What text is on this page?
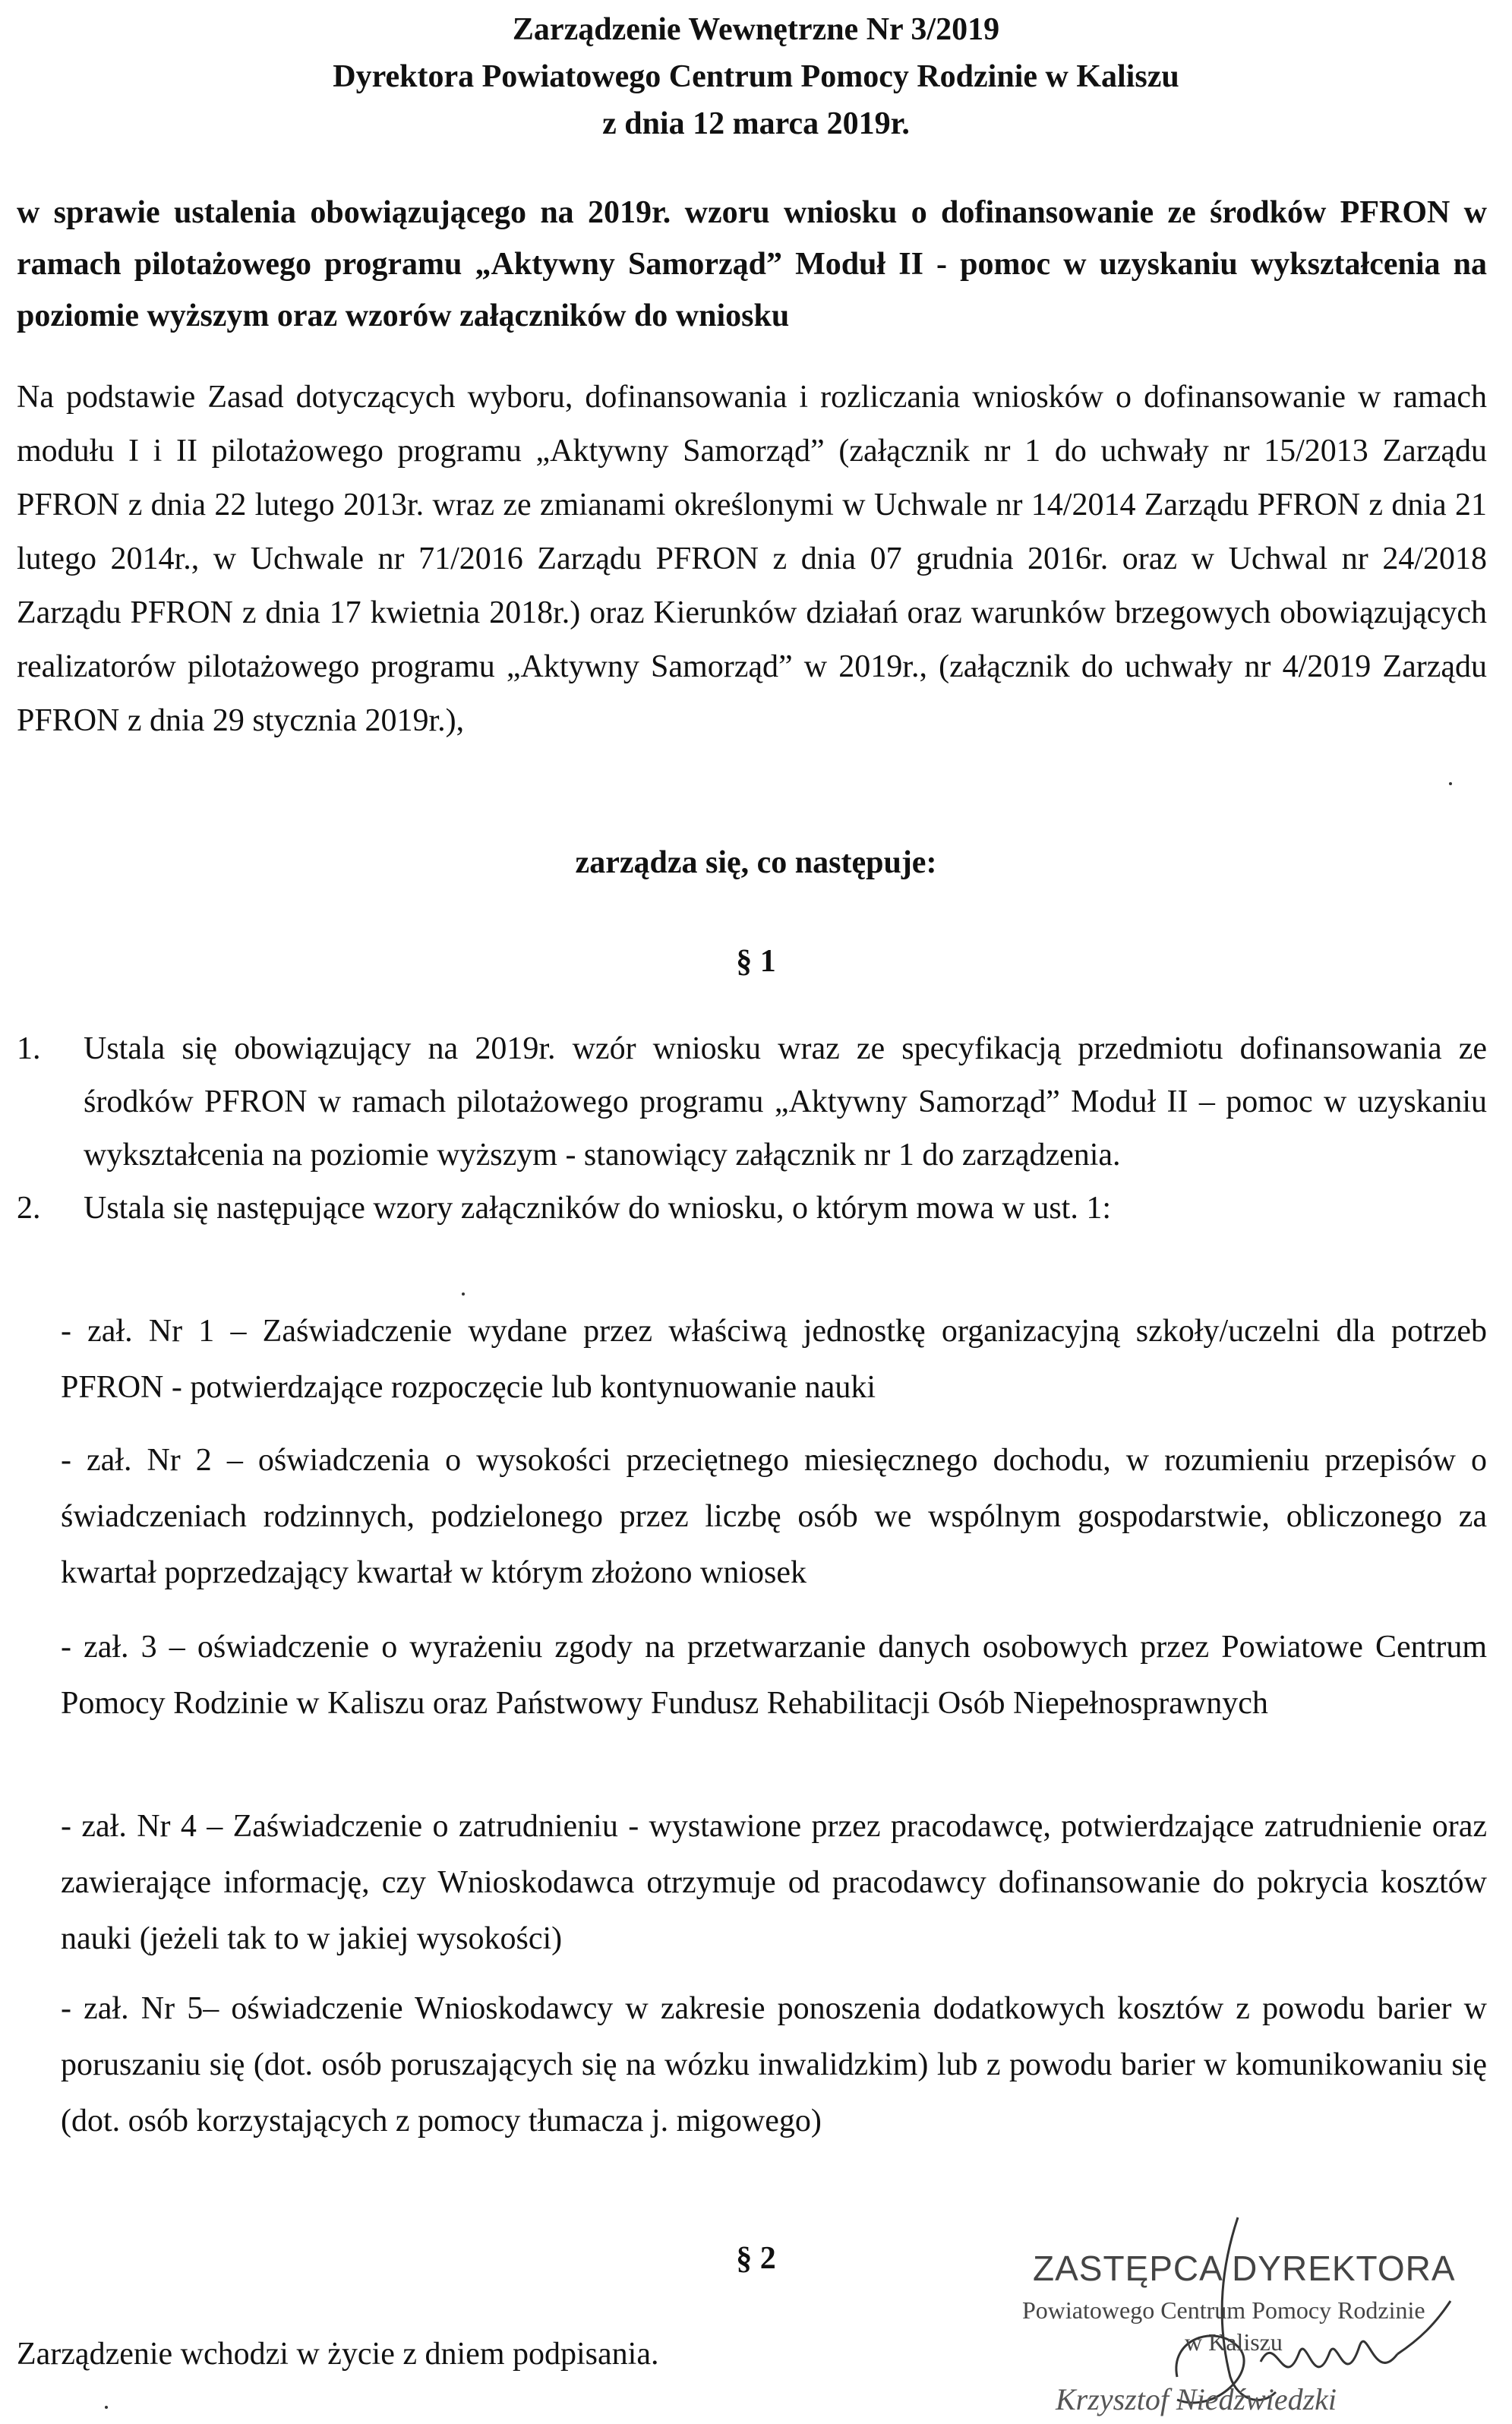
Zarządzenie Wewnętrzne Nr 3/2019
Dyrektora Powiatowego Centrum Pomocy Rodzinie w Kaliszu
z dnia 12 marca 2019r.
w sprawie ustalenia obowiązującego na 2019r. wzoru wniosku o dofinansowanie ze środków PFRON w ramach pilotażowego programu „Aktywny Samorząd” Moduł II - pomoc w uzyskaniu wykształcenia na poziomie wyższym oraz wzorów załączników do wniosku
Na podstawie Zasad dotyczących wyboru, dofinansowania i rozliczania wniosków o dofinansowanie w ramach modułu I i II pilotażowego programu „Aktywny Samorząd” (załącznik nr 1 do uchwały nr 15/2013 Zarządu PFRON z dnia 22 lutego 2013r. wraz ze zmianami określonymi w Uchwale nr 14/2014 Zarządu PFRON z dnia 21 lutego 2014r., w Uchwale nr 71/2016 Zarządu PFRON z dnia 07 grudnia 2016r. oraz w Uchwal nr 24/2018 Zarządu PFRON z dnia 17 kwietnia 2018r.) oraz Kierunków działań oraz warunków brzegowych obowiązujących realizatorów pilotażowego programu „Aktywny Samorząd” w 2019r., (załącznik do uchwały nr 4/2019 Zarządu PFRON z dnia 29 stycznia 2019r.),
zarządza się, co następuje:
§ 1
1. Ustala się obowiązujący na 2019r. wzór wniosku wraz ze specyfikacją przedmiotu dofinansowania ze środków PFRON w ramach pilotażowego programu „Aktywny Samorząd” Moduł II – pomoc w uzyskaniu wykształcenia na poziomie wyższym - stanowiący załącznik nr 1 do zarządzenia.
2. Ustala się następujące wzory załączników do wniosku, o którym mowa w ust. 1:
- zał. Nr 1 – Zaświadczenie wydane przez właściwą jednostkę organizacyjną szkoły/uczelni dla potrzeb PFRON - potwierdzające rozpoczęcie lub kontynuowanie nauki
- zał. Nr 2 – oświadczenia o wysokości przeciętnego miesięcznego dochodu, w rozumieniu przepisów o świadczeniach rodzinnych, podzielonego przez liczbę osób we wspólnym gospodarstwie, obliczonego za kwartał poprzedzający kwartał w którym złożono wniosek
- zał. 3 – oświadczenie o wyrażeniu zgody na przetwarzanie danych osobowych przez Powiatowe Centrum Pomocy Rodzinie w Kaliszu oraz Państwowy Fundusz Rehabilitacji Osób Niepełnosprawnych
- zał. Nr 4 – Zaświadczenie o zatrudnieniu - wystawione przez pracodawcę, potwierdzające zatrudnienie oraz zawierające informację, czy Wnioskodawca otrzymuje od pracodawcy dofinansowanie do pokrycia kosztów nauki (jeżeli tak to w jakiej wysokości)
- zał. Nr 5– oświadczenie Wnioskodawcy w zakresie ponoszenia dodatkowych kosztów z powodu barier w poruszaniu się (dot. osób poruszających się na wózku inwalidzkim) lub z powodu barier w komunikowaniu się (dot. osób korzystających z pomocy tłumacza j. migowego)
§ 2
Zarządzenie wchodzi w życie z dniem podpisania.
ZASTĘPCA DYREKTORA
Powiatowego Centrum Pomocy Rodzinie
w Kaliszu
Krzysztof Niedźwiedzki
